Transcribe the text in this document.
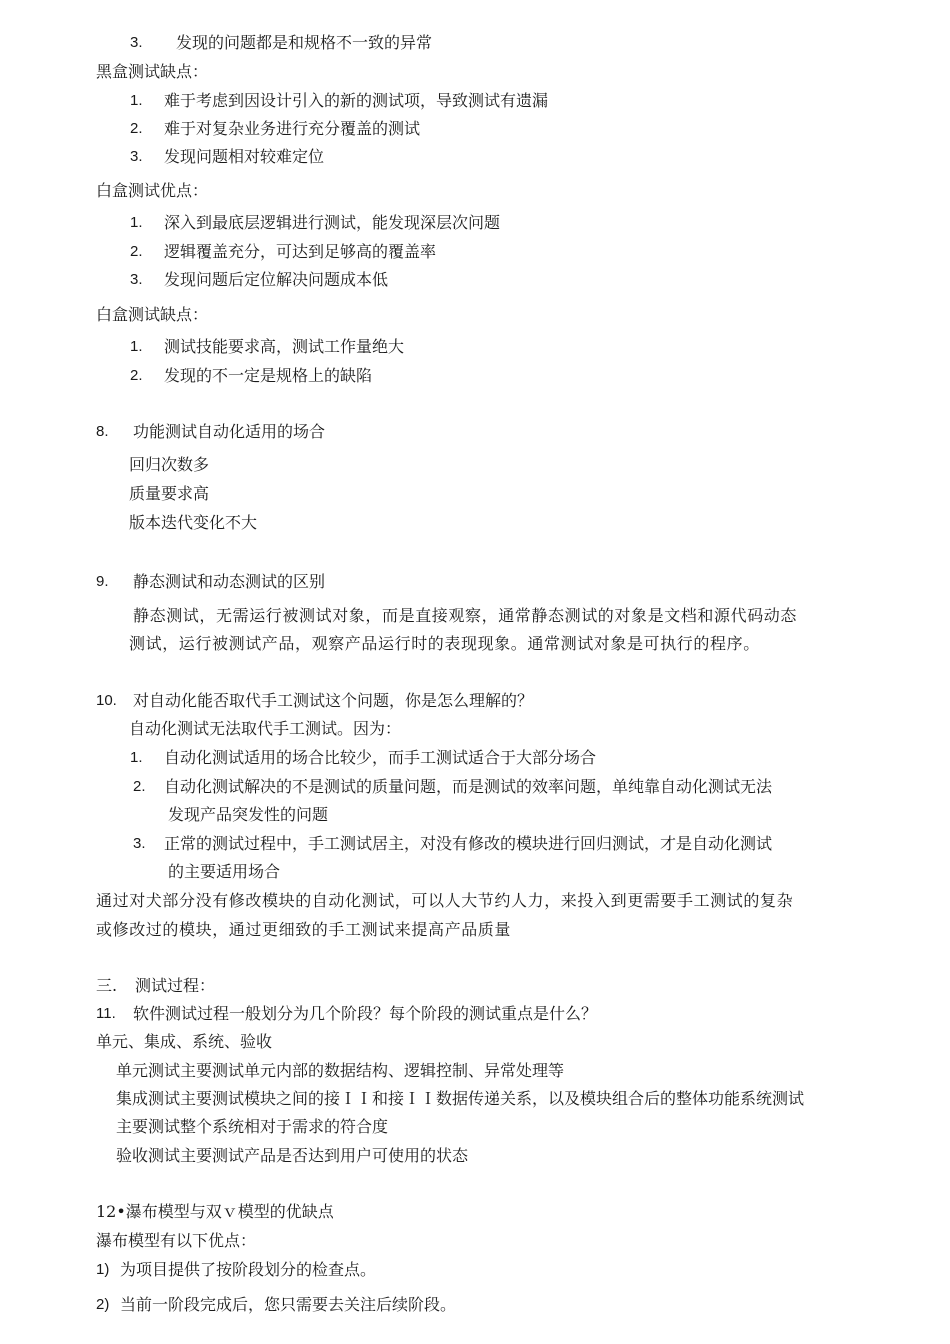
3. 发现的问题都是和规格不一致的异常
黑盒测试缺点：
1. 难于考虑到因设计引入的新的测试项，导致测试有遗漏
2. 难于对复杂业务进行充分覆盖的测试
3. 发现问题相对较难定位
白盒测试优点：
1. 深入到最底层逻辑进行测试，能发现深层次问题
2. 逻辑覆盖充分，可达到足够高的覆盖率
3. 发现问题后定位解决问题成本低
白盒测试缺点：
1. 测试技能要求高，测试工作量绝大
2. 发现的不一定是规格上的缺陷
8. 功能测试自动化适用的场合
回归次数多
质量要求高
版本迭代变化不大
9. 静态测试和动态测试的区别
静态测试，无需运行被测试对象，而是直接观察，通常静态测试的对象是文档和源代码动态
测试，运行被测试产品，观察产品运行时的表现现象。通常测试对象是可执行的程序。
10. 对自动化能否取代手工测试这个问题，你是怎么理解的？
自动化测试无法取代手工测试。因为：
1. 自动化测试适用的场合比较少，而手工测试适合于大部分场合
2. 自动化测试解决的不是测试的质量问题，而是测试的效率问题，单纯靠自动化测试无法
发现产品突发性的问题
3. 正常的测试过程中，手工测试居主，对没有修改的模块进行回归测试，才是自动化测试
的主要适用场合
通过对犬部分没有修改模块的自动化测试，可以人大节约人力，来投入到更需要手工测试的复杂
或修改过的模块，通过更细致的手工测试来提高产品质量
三. 测试过程：
11. 软件测试过程一般划分为几个阶段？每个阶段的测试重点是什么？
单元、集成、系统、验收
单元测试主要测试单元内部的数据结构、逻辑控制、异常处理等
集成测试主要测试模块之间的接ＩＩ和接ＩＩ数据传递关系，以及模块组合后的整体功能系统测试
主要测试整个系统相对于需求的符合度
验收测试主要测试产品是否达到用户可使用的状态
12•瀑布模型与双ｖ模型的优缺点
瀑布模型有以下优点：
1) 为项目提供了按阶段划分的检查点。
2) 当前一阶段完成后，您只需要去关注后续阶段。
